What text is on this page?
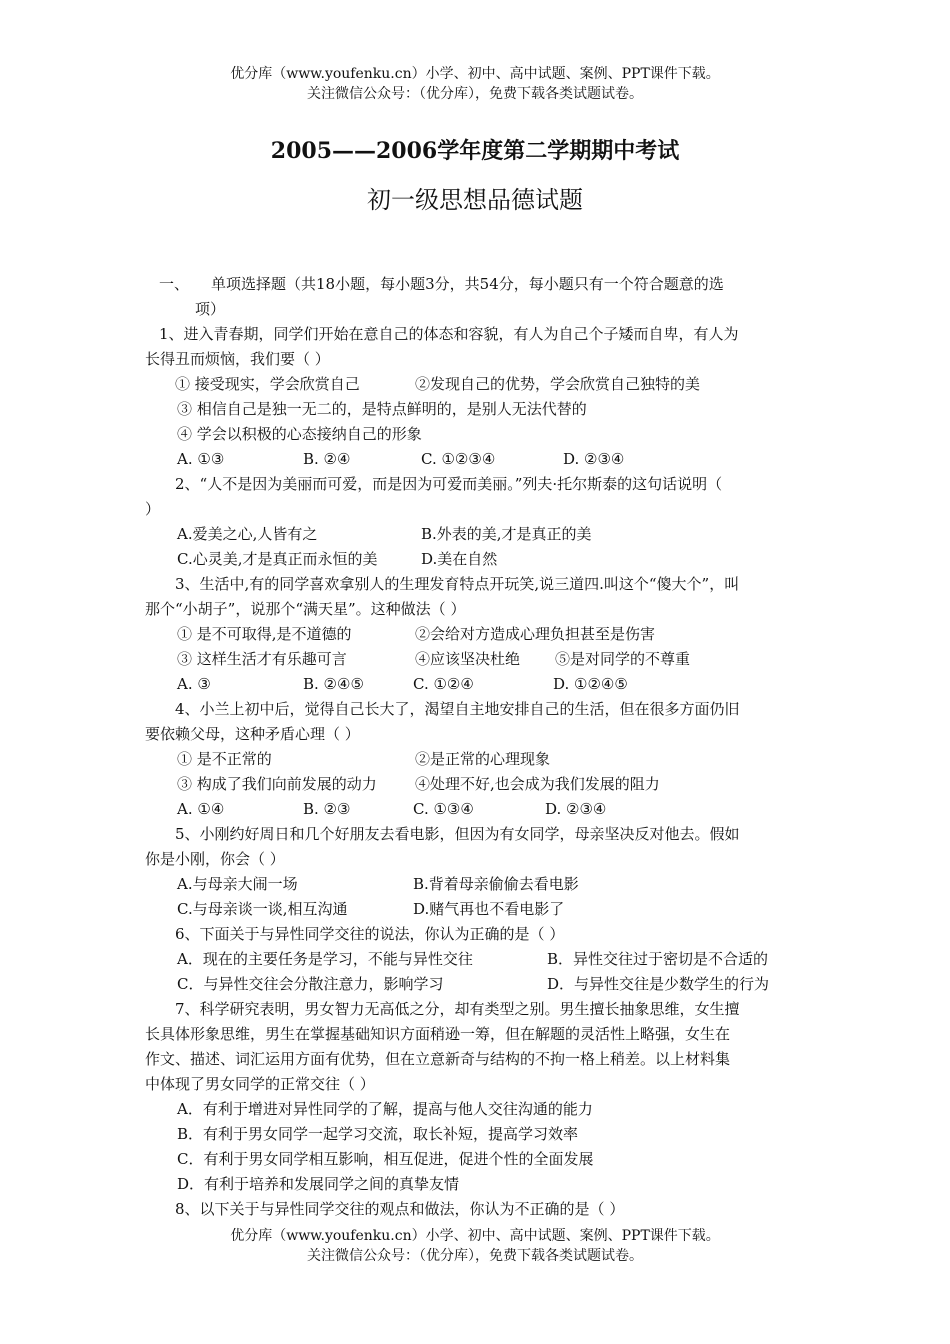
优分库（www.youfenku.cn）小学、初中、高中试题、案例、PPT课件下载。
关注微信公众号：（优分库），免费下载各类试题试卷。
2005——2006学年度第二学期期中考试
初一级思想品德试题
一、 单项选择题（共18小题，每小题3分，共54分，每小题只有一个符合题意的选
项）
1、进入青春期，同学们开始在意自己的体态和容貌，有人为自己个子矮而自卑，有人为
长得丑而烦恼，我们要（ ）
① 接受现实，学会欣赏自己	②发现自己的优势，学会欣赏自己独特的美
③ 相信自己是独一无二的，是特点鲜明的，是别人无法代替的
④ 学会以积极的心态接纳自己的形象
A. ①③	B. ②④	C. ①②③④	D. ②③④
2、“人不是因为美丽而可爱，而是因为可爱而美丽。”列夫·托尔斯泰的这句话说明（
）
A.爱美之心,人皆有之	B.外表的美,才是真正的美
C.心灵美,才是真正而永恒的美	D.美在自然
3、生活中,有的同学喜欢拿别人的生理发育特点开玩笑,说三道四.叫这个“傻大个”，叫
那个“小胡子”，说那个“满天星”。这种做法（ ）
① 是不可取得,是不道德的	②会给对方造成心理负担甚至是伤害
③ 这样生活才有乐趣可言	④应该坚决杜绝 ⑤是对同学的不尊重
A. ③	B. ②④⑤	C. ①②④	D. ①②④⑤
4、小兰上初中后，觉得自己长大了，渴望自主地安排自己的生活，但在很多方面仍旧
要依赖父母，这种矛盾心理（ ）
① 是不正常的	②是正常的心理现象
③ 构成了我们向前发展的动力	④处理不好,也会成为我们发展的阻力
A. ①④	B. ②③	C. ①③④	D. ②③④
5、小刚约好周日和几个好朋友去看电影，但因为有女同学，母亲坚决反对他去。假如
你是小刚，你会（ ）
A.与母亲大闹一场	B.背着母亲偷偷去看电影
C.与母亲谈一谈,相互沟通	D.赌气再也不看电影了
6、下面关于与异性同学交往的说法，你认为正确的是（ ）
A．现在的主要任务是学习，不能与异性交往	B．异性交往过于密切是不合适的
C．与异性交往会分散注意力，影响学习	D．与异性交往是少数学生的行为
7、科学研究表明，男女智力无高低之分，却有类型之别。男生擅长抽象思维，女生擅
长具体形象思维，男生在掌握基础知识方面稍逊一筹，但在解题的灵活性上略强，女生在
作文、描述、词汇运用方面有优势，但在立意新奇与结构的不拘一格上稍差。以上材料集
中体现了男女同学的正常交往（ ）
A．有利于增进对异性同学的了解，提高与他人交往沟通的能力
B．有利于男女同学一起学习交流，取长补短，提高学习效率
C．有利于男女同学相互影响，相互促进，促进个性的全面发展
D．有利于培养和发展同学之间的真挚友情
8、以下关于与异性同学交往的观点和做法，你认为不正确的是（ ）
优分库（www.youfenku.cn）小学、初中、高中试题、案例、PPT课件下载。
关注微信公众号：（优分库），免费下载各类试题试卷。
